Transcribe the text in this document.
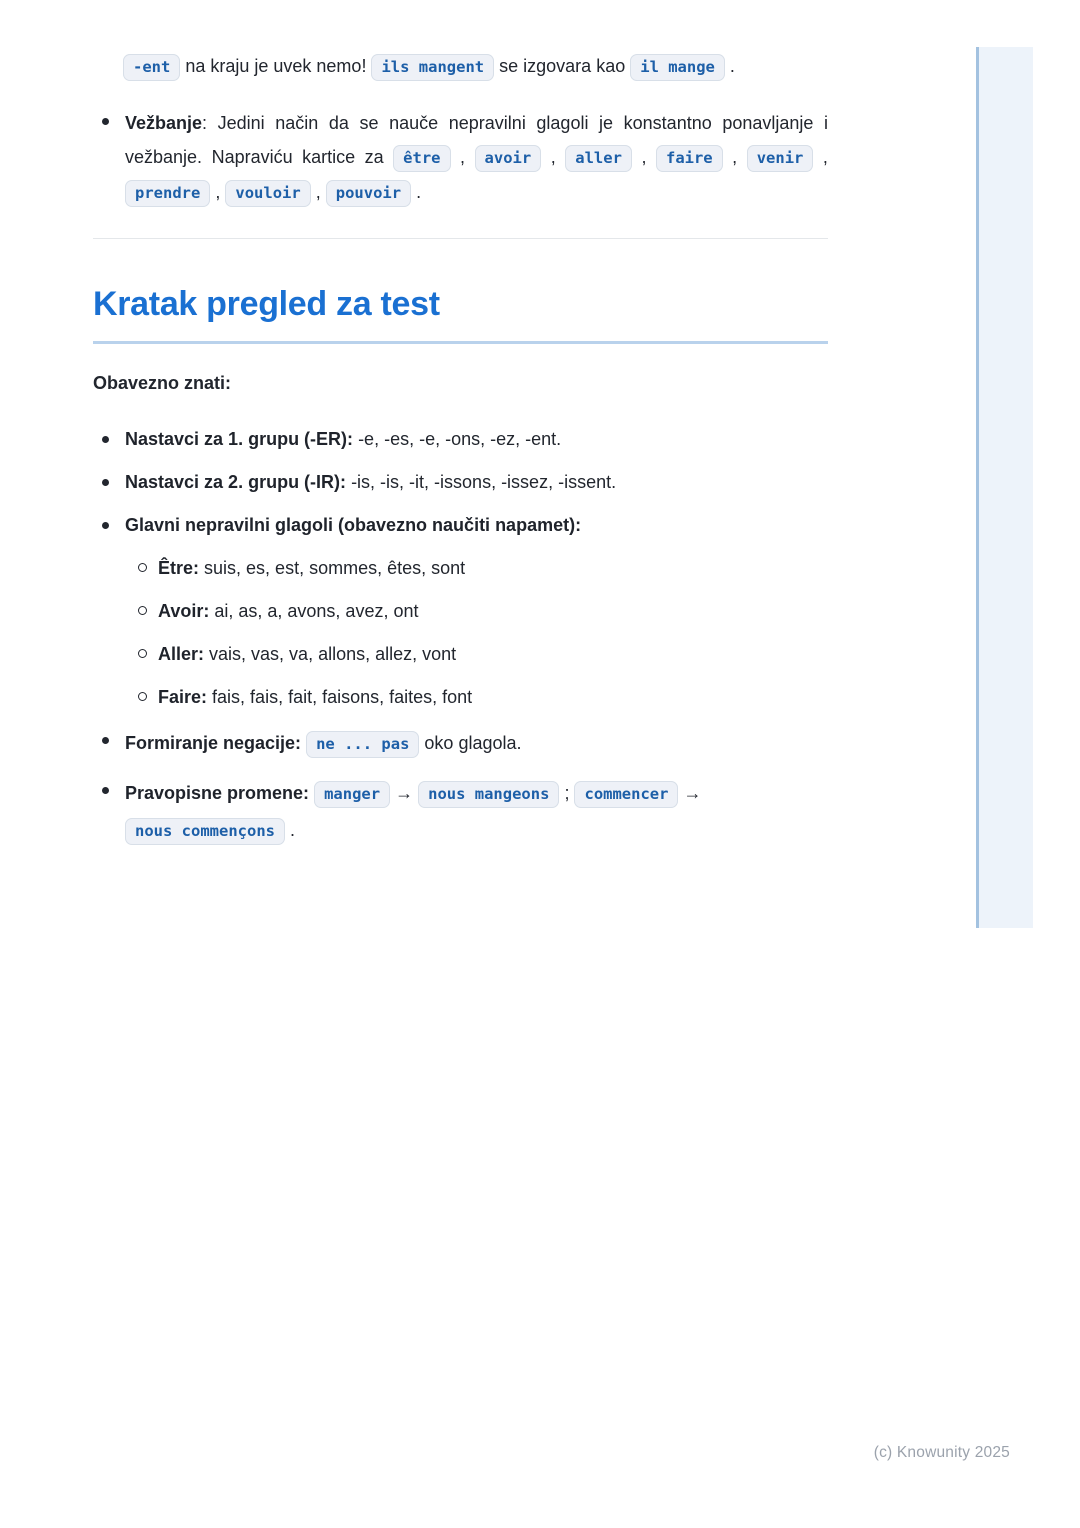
-ent na kraju je uvek nemo! ils mangent se izgovara kao il mange .

Vežbanje: Jedini način da se nauče nepravilni glagoli je konstantno ponavljanje i vežbanje. Napraviću kartice za être , avoir , aller , faire , venir , prendre , vouloir , pouvoir .

Kratak pregled za test

Obavezno znati:

Nastavci za 1. grupu (-ER): -e, -es, -e, -ons, -ez, -ent.
Nastavci za 2. grupu (-IR): -is, -is, -it, -issons, -issez, -issent.
Glavni nepravilni glagoli (obavezno naučiti napamet):
Être: suis, es, est, sommes, êtes, sont
Avoir: ai, as, a, avons, avez, ont
Aller: vais, vas, va, allons, allez, vont
Faire: fais, fais, fait, faisons, faites, font
Formiranje negacije: ne ... pas oko glagola.
Pravopisne promene: manger → nous mangeons ; commencer → nous commençons .
(c) Knowunity 2025
